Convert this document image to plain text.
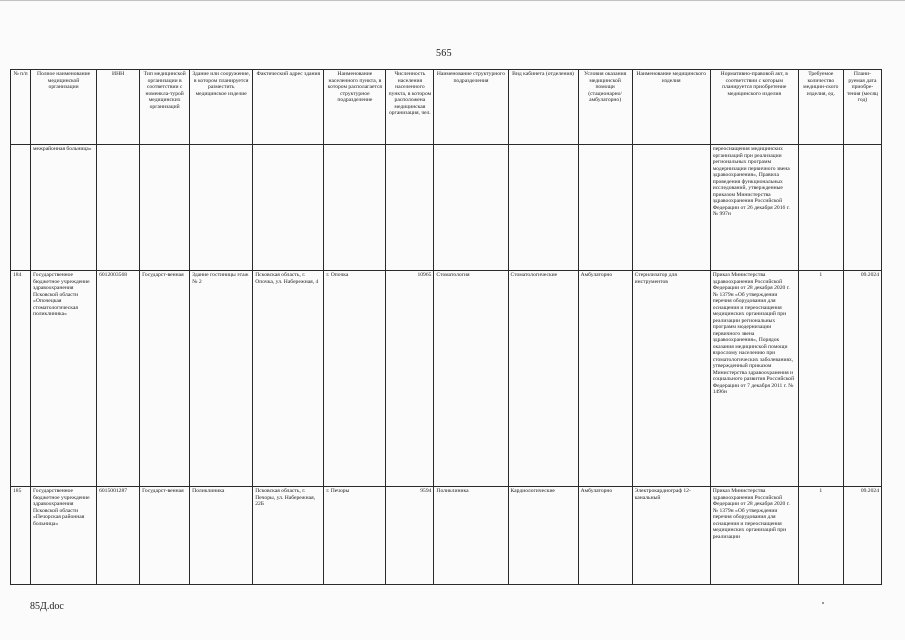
565
№ п/п	Полное наименование медицинской организации	ИНН	Тип медицинской организации в соответствии с номенкла-турой медицинских организаций	Здание или сооружение, в котором планируется разместить медицинское изделие	Фактический адрес здания	Наименование населенного пункта, в котором располагается структурное подразделение	Численность населения населенного пункта, в котором расположена медицинская организация, чел.	Наименование структурного подразделения	Вид кабинета (отделения)	Условия оказания медицинской помощи (стационарно/ амбулаторно)	Наименование медицинского изделия	Нормативно-правовой акт, в соответствии с которым планируется приобретение медицинского изделия	Требуемое количество медицин-ского изделия, ед.	Плани-руемая дата приобре-тения (месяц год)
	межрайонная больница»											переоснащения медицинских организаций при реализации региональных программ модернизации первичного звена здравоохранения», Правила проведения функциональных исследований, утвержденные приказом Министерства здравоохранения Российской Федерации от 26 декабря 2016 г. № 997н		
184	Государственное бюджетное учреждение здравоохранения Псковской области «Опочецкая стоматологическая поликлиника»	6012003568	Государст-венная	Здание гостиницы этаж № 2	Псковская область, г. Опочка, ул. Набережная, 4	г. Опочка	10965	Стоматология	Стоматологические	Амбулаторно	Стерилизатор для инструментов	Приказ Министерства здравоохранения Российской Федерации от 28 декабря 2020 г. № 1379н «Об утверждении перечня оборудования для оснащения и переоснащения медицинских организаций при реализации региональных программ модернизации первичного звена здравоохранения», Порядок оказания медицинской помощи взрослому населению при стоматологических заболеваниях, утвержденный приказом Министерства здравоохранения и социального развития Российской Федерации от 7 декабря 2011 г. № 1496н	1	09.2024
185	Государственное бюджетное учреждение здравоохранения Псковской области «Печорская районная больница»	6015001287	Государст-венная	Поликлиника	Псковская область, г. Печоры, ул. Набережная, 22Б	г. Печоры	9594	Поликлиника	Кардиологические	Амбулаторно	Электрокардиограф 12-канальный	Приказ Министерства здравоохранения Российской Федерации от 28 декабря 2020 г. № 1379н «Об утверждении перечня оборудования для оснащения и переоснащения медицинских организаций при реализации	1	09.2024
85Д.doc
